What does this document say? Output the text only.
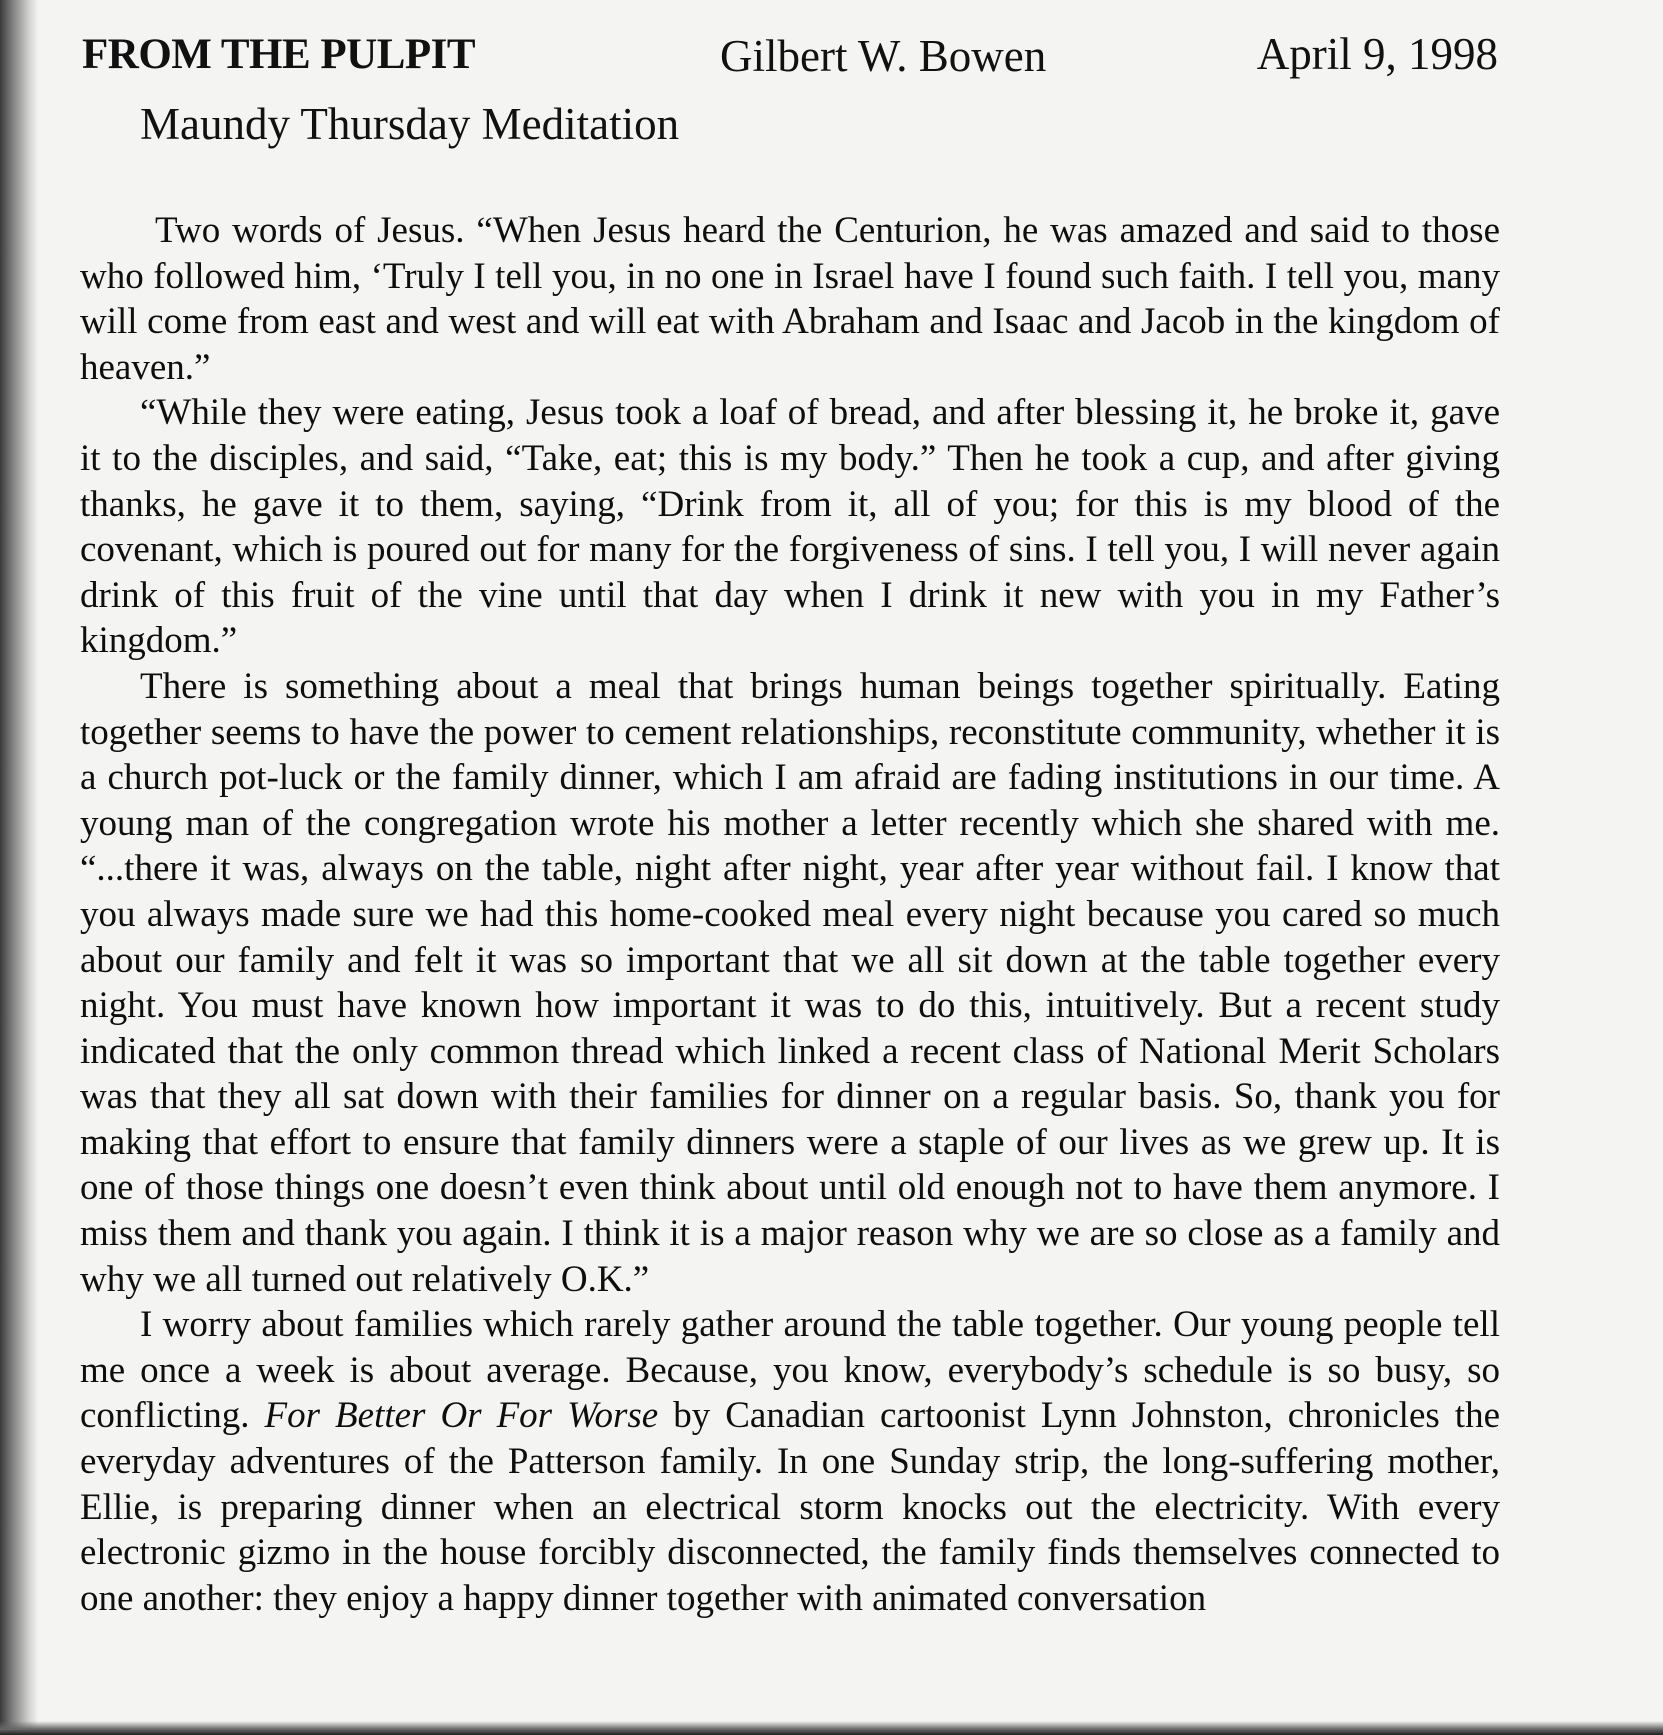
FROM THE PULPIT	Gilbert W. Bowen	April 9, 1998
Maundy Thursday Meditation

Two words of Jesus. “When Jesus heard the Centurion, he was amazed and said to those who followed him, ‘Truly I tell you, in no one in Israel have I found such faith. I tell you, many will come from east and west and will eat with Abraham and Isaac and Jacob in the kingdom of heaven.”

“While they were eating, Jesus took a loaf of bread, and after blessing it, he broke it, gave it to the disciples, and said, “Take, eat; this is my body.” Then he took a cup, and after giving thanks, he gave it to them, saying, “Drink from it, all of you; for this is my blood of the covenant, which is poured out for many for the forgiveness of sins. I tell you, I will never again drink of this fruit of the vine until that day when I drink it new with you in my Father’s kingdom.”

There is something about a meal that brings human beings together spiritually. Eating together seems to have the power to cement relationships, reconstitute community, whether it is a church pot-luck or the family dinner, which I am afraid are fading institutions in our time. A young man of the congregation wrote his mother a letter recently which she shared with me. “...there it was, always on the table, night after night, year after year without fail. I know that you always made sure we had this home-cooked meal every night because you cared so much about our family and felt it was so important that we all sit down at the table together every night. You must have known how important it was to do this, intuitively. But a recent study indicated that the only common thread which linked a recent class of National Merit Scholars was that they all sat down with their families for dinner on a regular basis. So, thank you for making that effort to ensure that family dinners were a staple of our lives as we grew up. It is one of those things one doesn’t even think about until old enough not to have them anymore. I miss them and thank you again. I think it is a major reason why we are so close as a family and why we all turned out relatively O.K.”

I worry about families which rarely gather around the table together. Our young people tell me once a week is about average. Because, you know, everybody’s schedule is so busy, so conflicting. For Better Or For Worse by Canadian cartoonist Lynn Johnston, chronicles the everyday adventures of the Patterson family. In one Sunday strip, the long-suffering mother, Ellie, is preparing dinner when an electrical storm knocks out the electricity. With every electronic gizmo in the house forcibly disconnected, the family finds themselves connected to one another: they enjoy a happy dinner together with animated conversation
